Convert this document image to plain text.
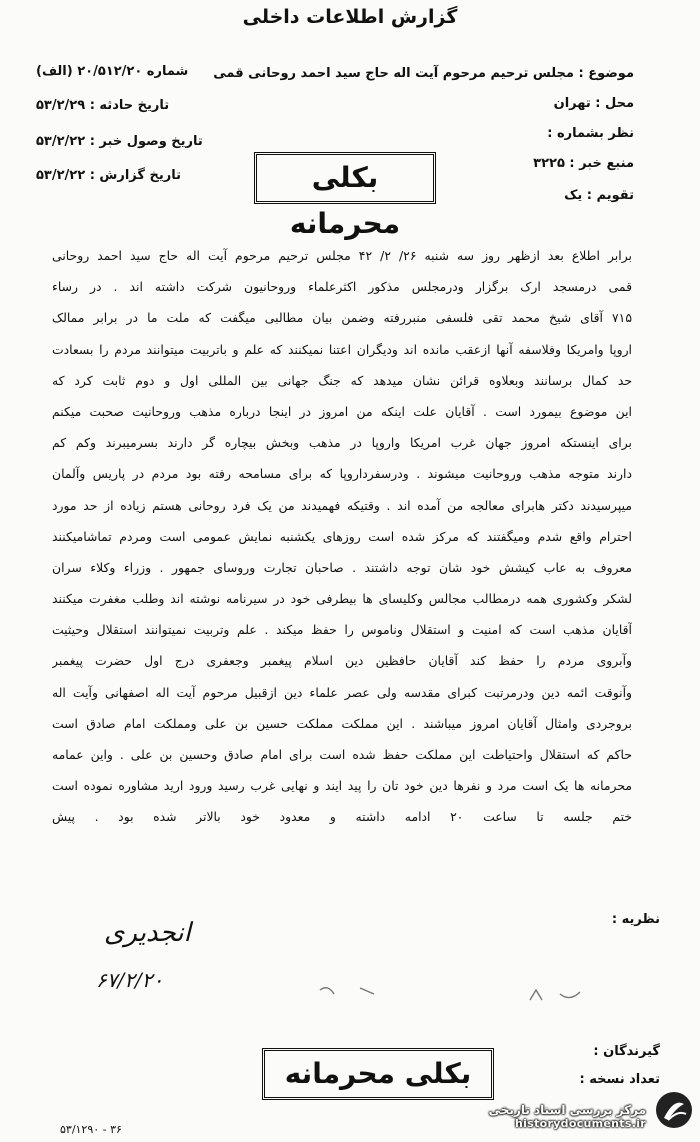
گزارش اطلاعات داخلی
موضوع : مجلس ترحیم مرحوم آیت اله حاج سید احمد روحانی قمی
محل : تهران
نظر بشماره :
منبع خبر : ۳۲۲۵
تقویم : یک
شماره ۲۰/۵۱۲/۲۰ (الف)
تاریخ حادثه : ۵۳/۲/۲۹
تاریخ وصول خبر : ۵۳/۲/۲۲
تاریخ گزارش : ۵۳/۲/۲۲	بکلی محرمانه
برابر اطلاع بعد ازظهر روز سه شنبه ۲۶/ ۲/ ۴۲ مجلس ترحیم مرحوم آیت اله حاج سید احمد روحانی
قمی درمسجد ارک برگزار ودرمجلس مذکور اکثرعلماء وروحانیون شرکت داشته اند . در رساء
۷۱۵ آقای شیخ محمد تقی فلسفی منبررفته وضمن بیان مطالبی میگفت که ملت ما در برابر ممالک
اروپا وامریکا وفلاسفه آنها ازعقب مانده اند ودیگران اعتنا نمیکنند که علم و باتربیت میتوانند مردم را بسعادت
حد کمال برسانند وبعلاوه قرائن نشان میدهد که جنگ جهانی بین المللی اول و دوم ثابت کرد که
این موضوع بیمورد است . آقایان علت اینکه من امروز در اینجا درباره مذهب وروحانیت صحبت میکنم
برای اینستکه امروز جهان غرب امریکا واروپا در مذهب وبخش بیچاره گر دارند بسرمیبرند وکم کم
دارند متوجه مذهب وروحانیت میشوند . ودرسفرداروپا که برای مسامحه رفته بود مردم در پاریس وآلمان
میپرسیدند دکتر هابرای معالجه من آمده اند . وقتیکه فهمیدند من یک فرد روحانی هستم زیاده از حد مورد
احترام واقع شدم ومیگفتند که مرکز شده است روزهای یکشنبه نمایش عمومی است ومردم تماشامیکنند
معروف به عاب کیشش خود شان توجه داشتند . صاحبان تجارت وروسای جمهور . وزراء وکلاء سران
لشکر وکشوری همه درمطالب مجالس وکلیسای ها بیطرفی خود در سیرنامه نوشته اند وطلب مغفرت میکنند
آقایان مذهب است که امنیت و استقلال وناموس را حفظ میکند . علم وتربیت نمیتوانند استقلال وحیثیت
وآبروی مردم را حفظ کند آقایان حافظین دین اسلام پیغمبر وجعفری درج اول حضرت پیغمبر
وآنوقت ائمه دین ودرمرتبت کبرای مقدسه ولی عصر علماء دین ازقبیل مرحوم آیت اله اصفهانی وآیت اله
بروجردی وامثال آقایان امروز میباشند . این مملکت مملکت حسین بن علی ومملکت امام صادق است
حاکم که استقلال واحتیاطت این مملکت حفظ شده است برای امام صادق وحسین بن علی . واین عمامه
محرمانه ها یک است مرد و نفرها دین خود تان را پید ایند و نهایی غرب رسید ورود ارید مشاوره نموده است
ختم جلسه تا ساعت ۲۰ ادامه داشته و معدود خود بالاتر شده بود . پیش
نظریه :
انجدیری
۶۷/۲/۲۰
گیرندگان :
تعداد نسخه :
بکلی محرمانه
۵۳/۱۲۹۰ - ۳۶
مرکز بررسی اسناد تاریخی
historydocuments.ir
